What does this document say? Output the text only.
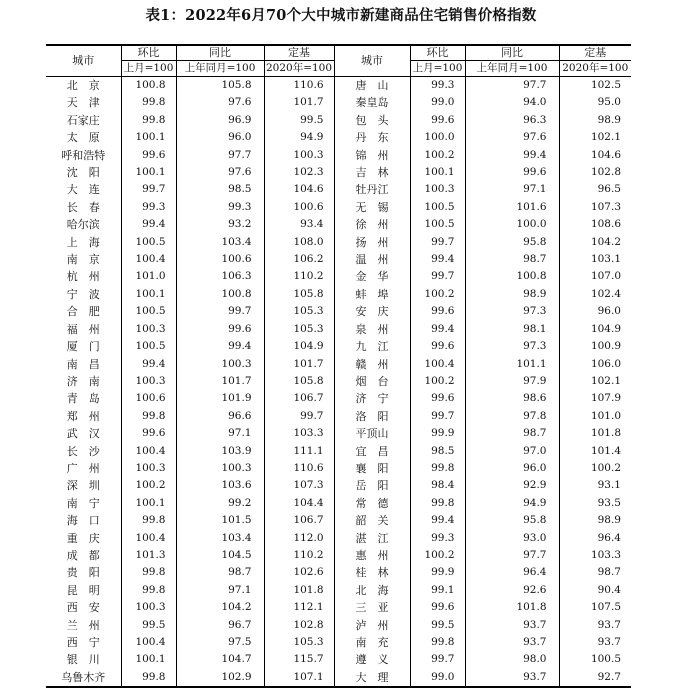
表1：2022年6月70个大中城市新建商品住宅销售价格指数
城市	环比	同比	定基	城市	环比	同比	定基
	上月=100	上年同月=100	2020年=100		上月=100	上年同月=100	2020年=100
北　京	100.8	105.8	110.6	唐　山	99.3	97.7	102.5
天　津	99.8	97.6	101.7	秦皇岛	99.0	94.0	95.0
石家庄	99.8	96.9	99.5	包　头	99.6	96.3	98.9
太　原	100.1	96.0	94.9	丹　东	100.0	97.6	102.1
呼和浩特	99.6	97.7	100.3	锦　州	100.2	99.4	104.6
沈　阳	100.1	97.6	102.3	吉　林	100.1	99.6	102.8
大　连	99.7	98.5	104.6	牡丹江	100.3	97.1	96.5
长　春	99.3	99.3	100.6	无　锡	100.5	101.6	107.3
哈尔滨	99.4	93.2	93.4	徐　州	100.5	100.0	108.6
上　海	100.5	103.4	108.0	扬　州	99.7	95.8	104.2
南　京	100.4	100.6	106.2	温　州	99.4	98.7	103.1
杭　州	101.0	106.3	110.2	金　华	99.7	100.8	107.0
宁　波	100.1	100.8	105.8	蚌　埠	100.2	98.9	102.4
合　肥	100.5	99.7	105.3	安　庆	99.6	97.3	96.0
福　州	100.3	99.6	105.3	泉　州	99.4	98.1	104.9
厦　门	100.5	99.4	104.9	九　江	99.6	97.3	100.9
南　昌	99.4	100.3	101.7	赣　州	100.4	101.1	106.0
济　南	100.3	101.7	105.8	烟　台	100.2	97.9	102.1
青　岛	100.6	101.9	106.7	济　宁	99.6	98.6	107.9
郑　州	99.8	96.6	99.7	洛　阳	99.7	97.8	101.0
武　汉	99.6	97.1	103.3	平顶山	99.9	98.7	101.8
长　沙	100.4	103.9	111.1	宜　昌	98.5	97.0	101.4
广　州	100.3	100.3	110.6	襄　阳	99.8	96.0	100.2
深　圳	100.2	103.6	107.3	岳　阳	98.4	92.9	93.1
南　宁	100.1	99.2	104.4	常　德	99.8	94.9	93.5
海　口	99.8	101.5	106.7	韶　关	99.4	95.8	98.9
重　庆	100.4	103.4	112.0	湛　江	99.3	93.0	96.4
成　都	101.3	104.5	110.2	惠　州	100.2	97.7	103.3
贵　阳	99.8	98.7	102.6	桂　林	99.9	96.4	98.7
昆　明	99.8	97.1	101.8	北　海	99.1	92.6	90.4
西　安	100.3	104.2	112.1	三　亚	99.6	101.8	107.5
兰　州	99.5	96.7	102.8	泸　州	99.5	93.7	93.7
西　宁	100.4	97.5	105.3	南　充	99.8	93.7	93.7
银　川	100.1	104.7	115.7	遵　义	99.7	98.0	100.5
乌鲁木齐	99.8	102.9	107.1	大　理	99.0	93.7	92.7
